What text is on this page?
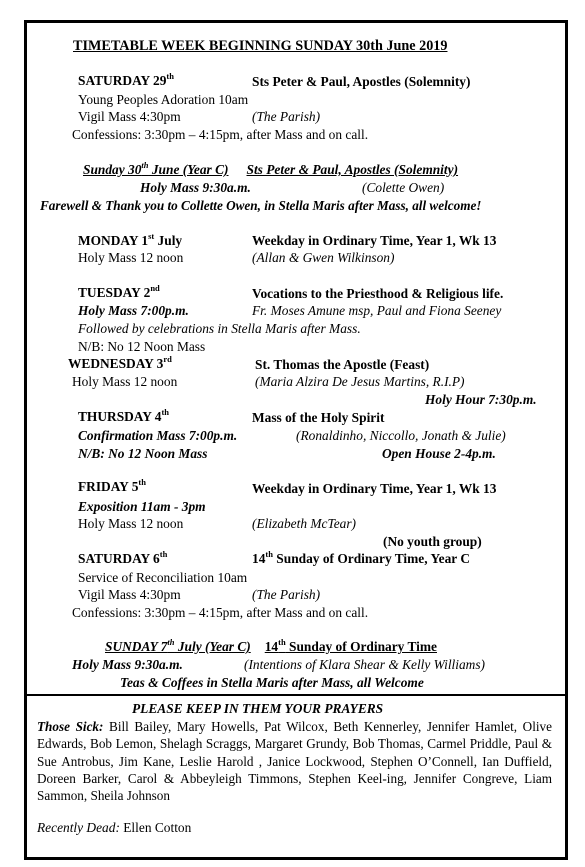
TIMETABLE WEEK BEGINNING SUNDAY 30th June 2019
SATURDAY 29th	Sts Peter & Paul, Apostles (Solemnity)
Young Peoples Adoration 10am
Vigil Mass 4:30pm	(The Parish)
Confessions: 3:30pm – 4:15pm, after Mass and on call.
Sunday 30th June (Year C) Sts Peter & Paul, Apostles (Solemnity)
Holy Mass 9:30a.m.	(Colette Owen)
Farewell & Thank you to Collette Owen, in Stella Maris after Mass, all welcome!
MONDAY 1st July	Weekday in Ordinary Time, Year 1, Wk 13
Holy Mass 12 noon	(Allan & Gwen Wilkinson)
TUESDAY 2nd	Vocations to the Priesthood & Religious life.
Holy Mass 7:00p.m.	Fr. Moses Amune msp, Paul and Fiona Seeney
Followed by celebrations in Stella Maris after Mass.
N/B: No 12 Noon Mass
WEDNESDAY 3rd	St. Thomas the Apostle (Feast)
Holy Mass 12 noon	(Maria Alzira De Jesus Martins, R.I.P)
Holy Hour 7:30p.m.
THURSDAY 4th	Mass of the Holy Spirit
Confirmation Mass 7:00p.m.	(Ronaldinho, Niccollo, Jonath & Julie)
N/B: No 12 Noon Mass	Open House 2-4p.m.
FRIDAY 5th	Weekday in Ordinary Time, Year 1, Wk 13
Exposition 11am - 3pm
Holy Mass 12 noon	(Elizabeth McTear)
(No youth group)
SATURDAY 6th	14th Sunday of Ordinary Time, Year C
Service of Reconciliation 10am
Vigil Mass 4:30pm	(The Parish)
Confessions: 3:30pm – 4:15pm, after Mass and on call.
SUNDAY 7th July (Year C) 14th Sunday of Ordinary Time
Holy Mass 9:30a.m.	(Intentions of Klara Shear & Kelly Williams)
Teas & Coffees in Stella Maris after Mass, all Welcome
PLEASE KEEP IN THEM YOUR PRAYERS
Those Sick: Bill Bailey, Mary Howells, Pat Wilcox, Beth Kennerley, Jennifer Hamlet, Olive Edwards, Bob Lemon, Shelagh Scraggs, Margaret Grundy, Bob Thomas, Carmel Priddle, Paul & Sue Antrobus, Jim Kane, Leslie Harold , Janice Lockwood, Stephen O’Connell, Ian Duffield, Doreen Barker, Carol & Abbeyleigh Timmons, Stephen Keel-ing, Jennifer Congreve, Liam Sammon, Sheila Johnson
Recently Dead: Ellen Cotton
